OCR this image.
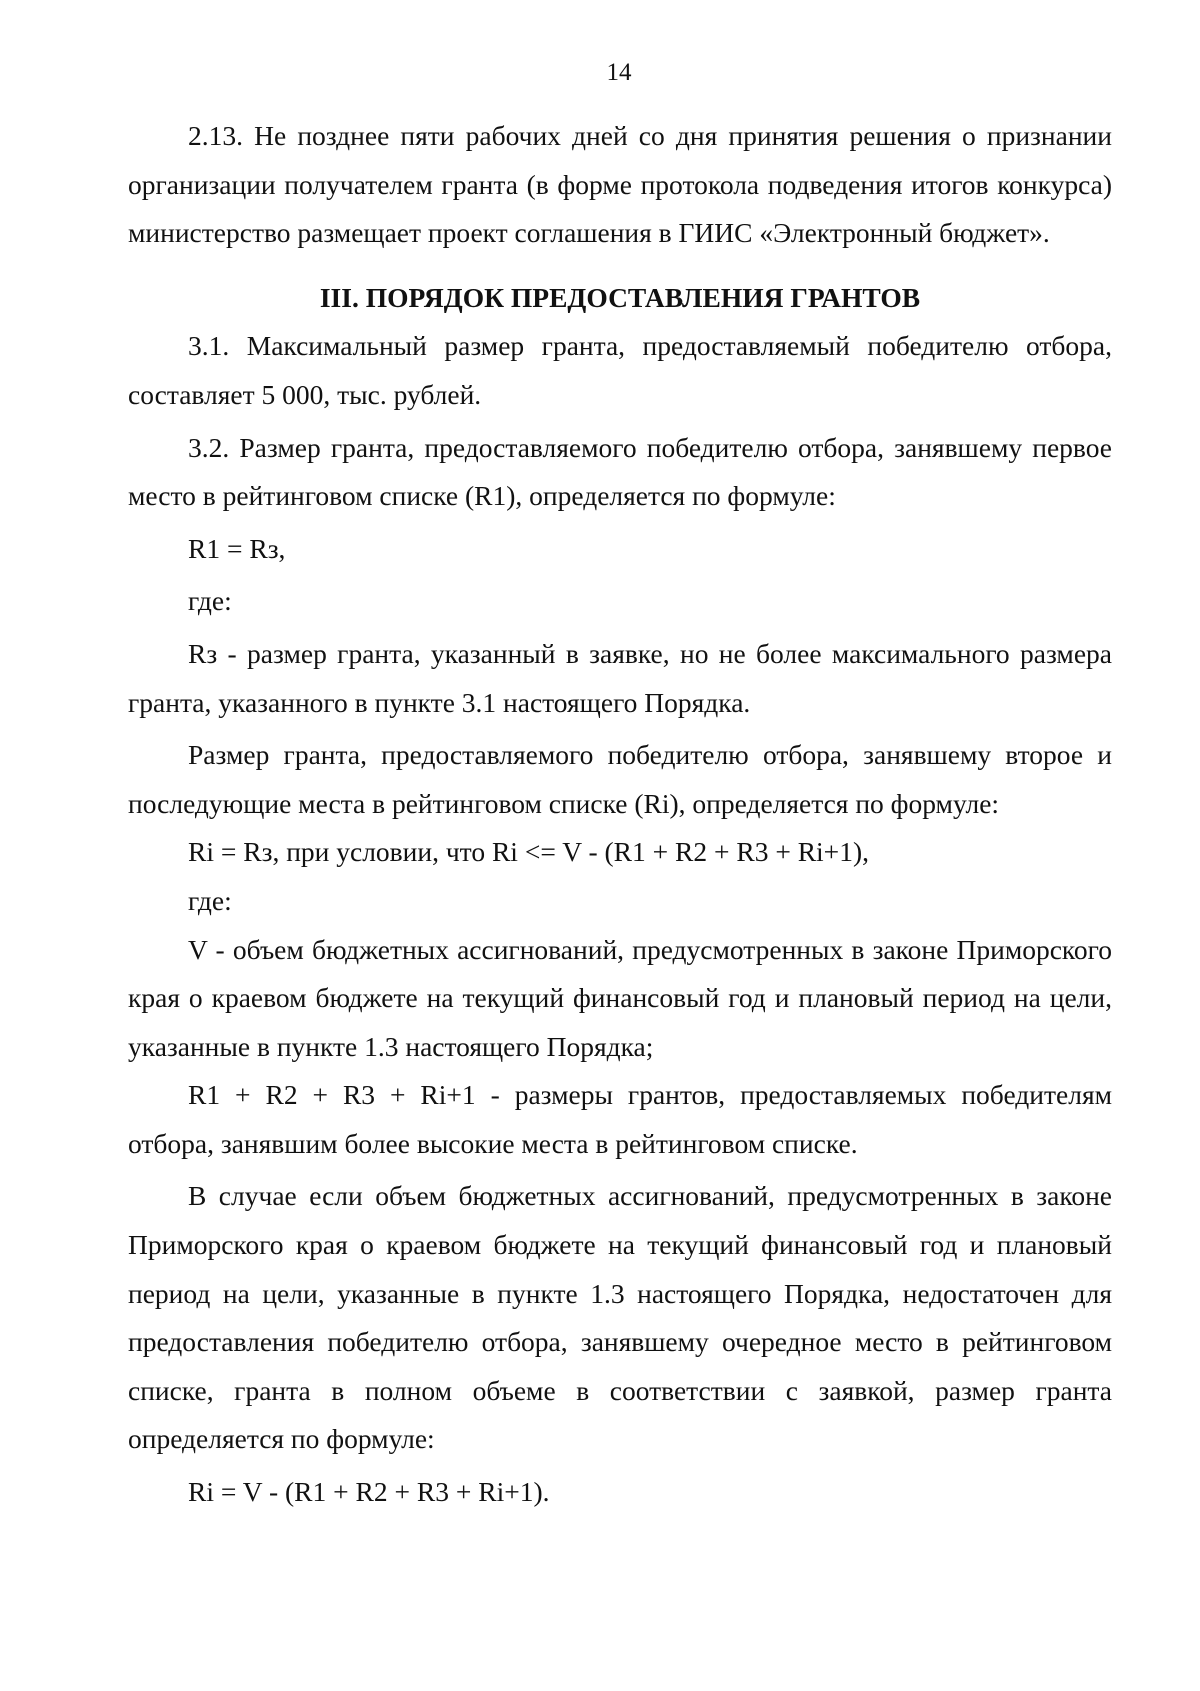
14

2.13. Не позднее пяти рабочих дней со дня принятия решения о признании организации получателем гранта (в форме протокола подведения итогов конкурса) министерство размещает проект соглашения в ГИИС «Электронный бюджет».

III. ПОРЯДОК ПРЕДОСТАВЛЕНИЯ ГРАНТОВ

3.1. Максимальный размер гранта, предоставляемый победителю отбора, составляет 5 000, тыс. рублей.

3.2. Размер гранта, предоставляемого победителю отбора, занявшему первое место в рейтинговом списке (R1), определяется по формуле:

R1 = Rз,

где:

Rз - размер гранта, указанный в заявке, но не более максимального размера гранта, указанного в пункте 3.1 настоящего Порядка.

Размер гранта, предоставляемого победителю отбора, занявшему второе и последующие места в рейтинговом списке (Ri), определяется по формуле:

Ri = Rз, при условии, что Ri <= V - (R1 + R2 + R3 + Ri+1),

где:

V - объем бюджетных ассигнований, предусмотренных в законе Приморского края о краевом бюджете на текущий финансовый год и плановый период на цели, указанные в пункте 1.3 настоящего Порядка;

R1 + R2 + R3 + Ri+1 - размеры грантов, предоставляемых победителям отбора, занявшим более высокие места в рейтинговом списке.

В случае если объем бюджетных ассигнований, предусмотренных в законе Приморского края о краевом бюджете на текущий финансовый год и плановый период на цели, указанные в пункте 1.3 настоящего Порядка, недостаточен для предоставления победителю отбора, занявшему очередное место в рейтинговом списке, гранта в полном объеме в соответствии с заявкой, размер гранта определяется по формуле:

Ri = V - (R1 + R2 + R3 + Ri+1).
